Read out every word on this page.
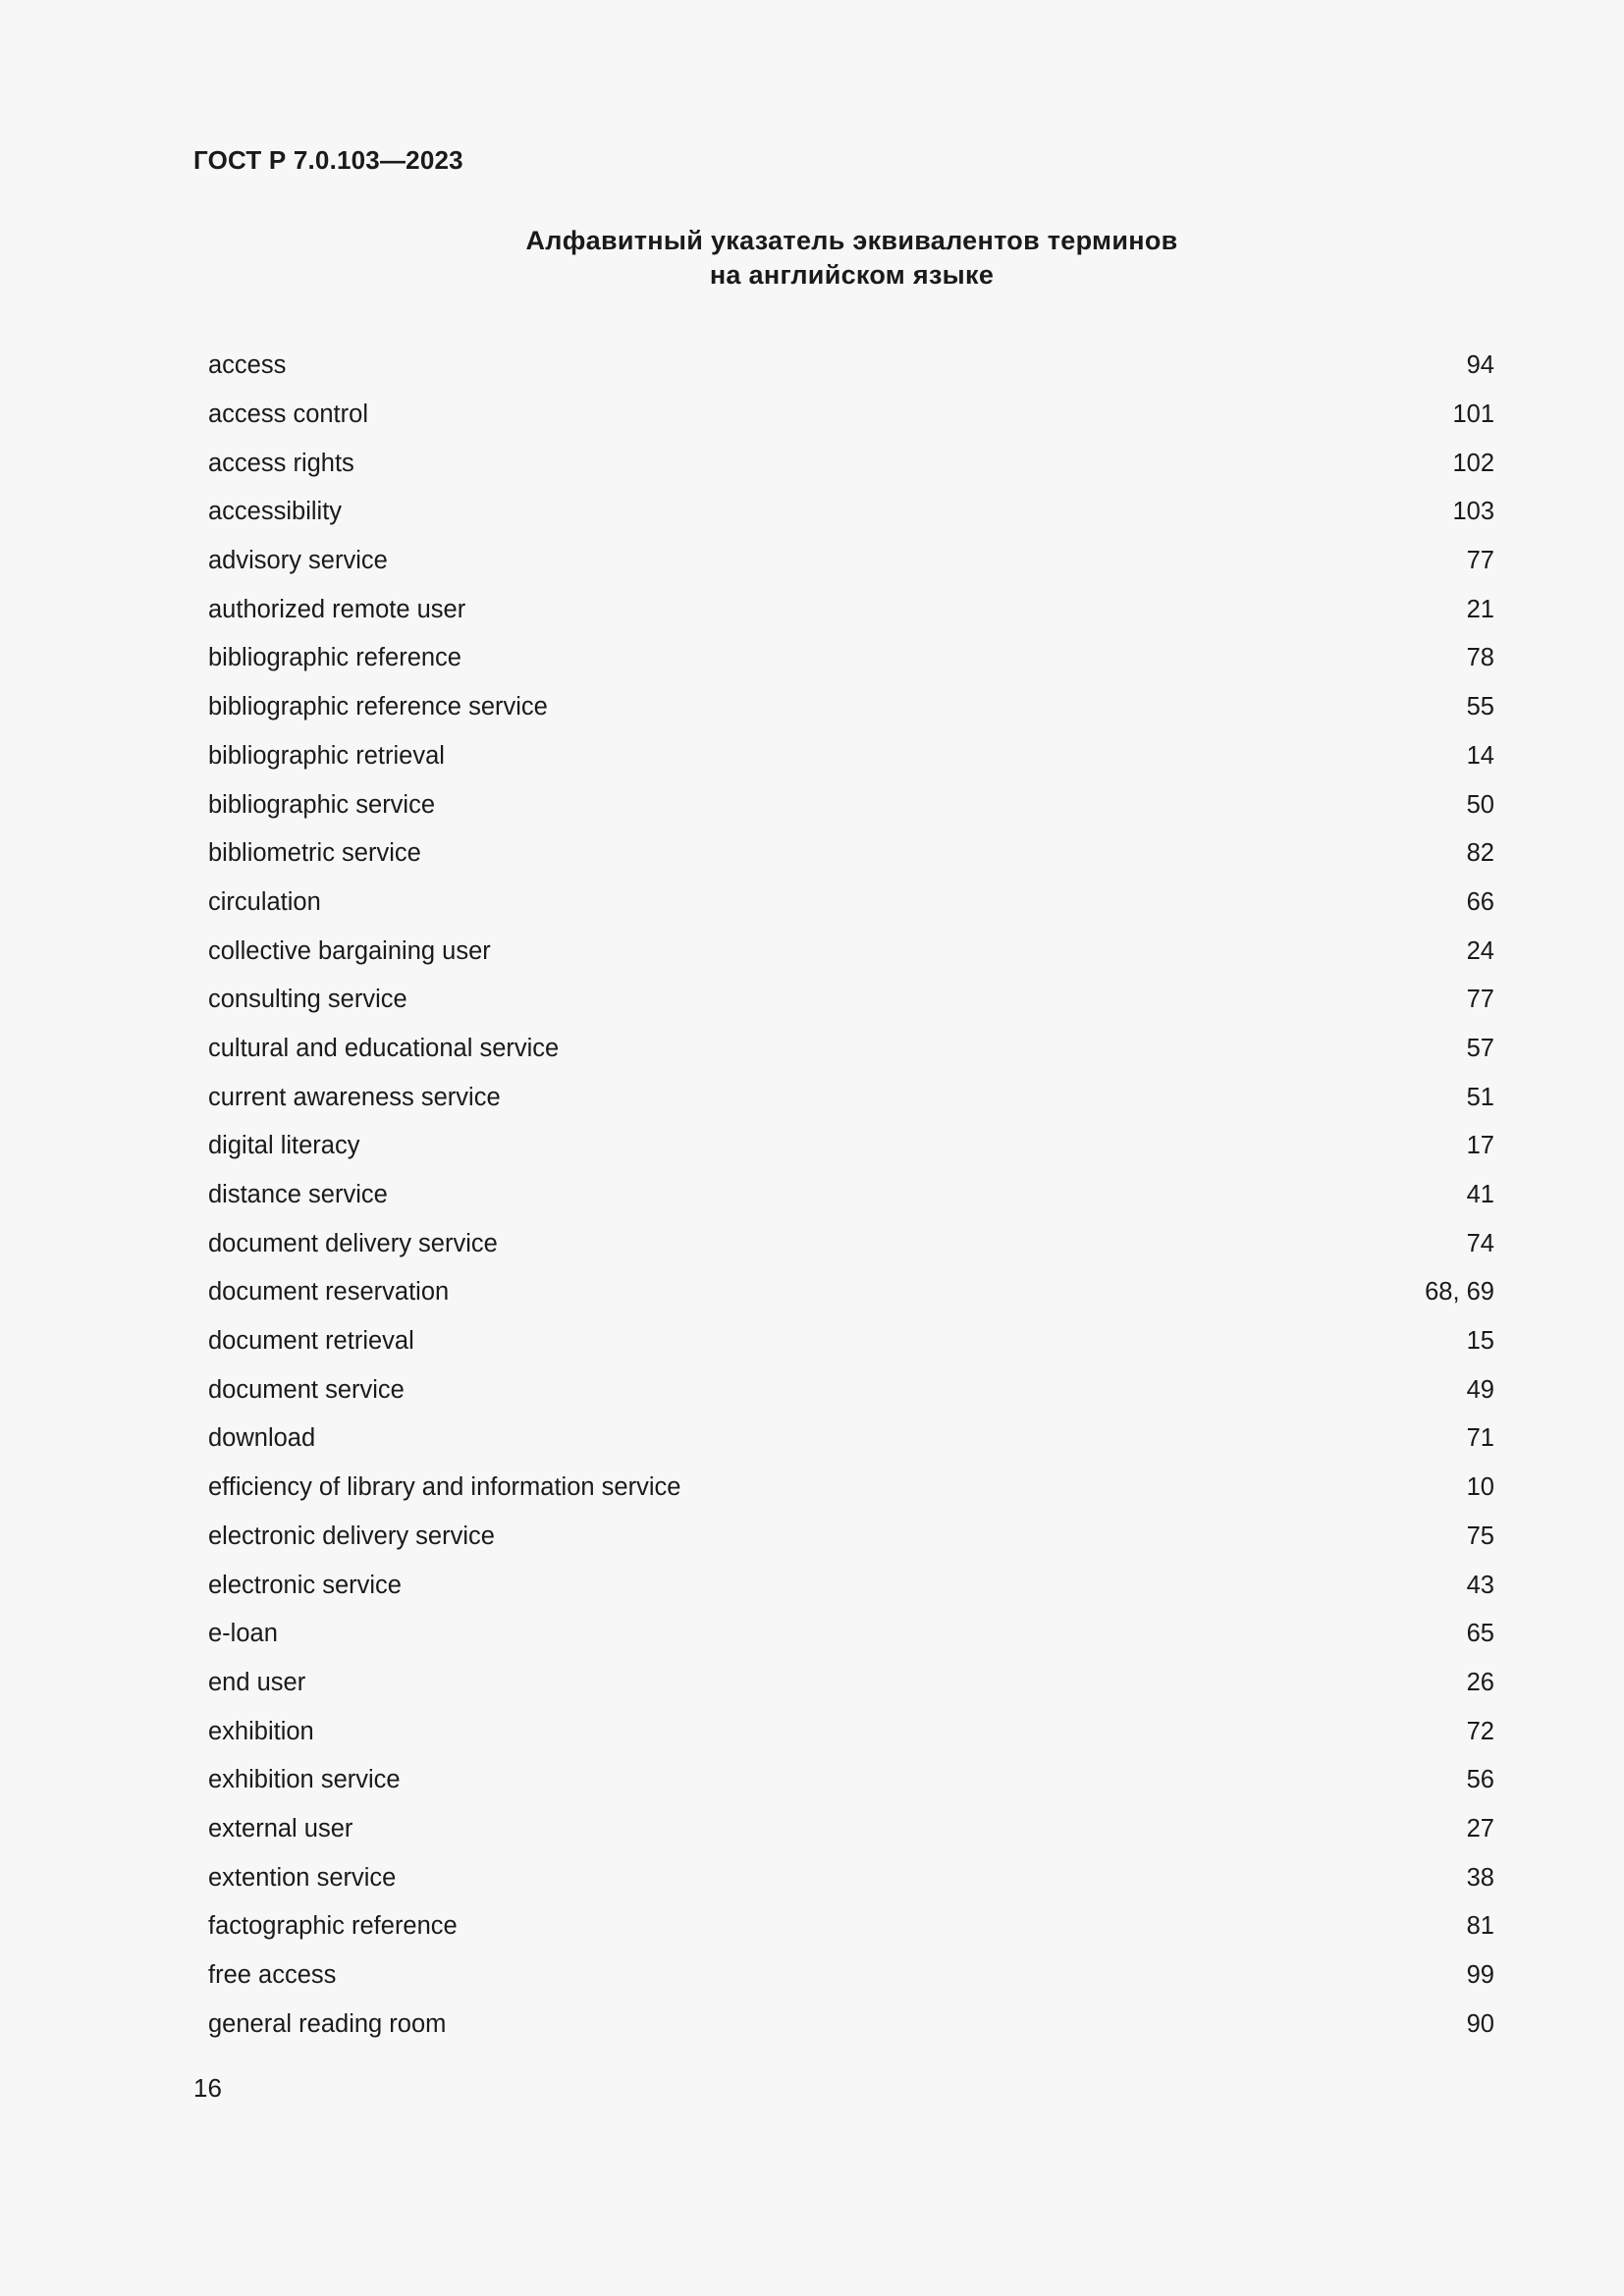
ГОСТ Р 7.0.103—2023
Алфавитный указатель эквивалентов терминов
на английском языке
access	94
access control	101
access rights	102
accessibility	103
advisory service	77
authorized remote user	21
bibliographic reference	78
bibliographic reference service	55
bibliographic retrieval	14
bibliographic service	50
bibliometric service	82
circulation	66
collective bargaining user	24
consulting service	77
cultural and educational service	57
current awareness service	51
digital literacy	17
distance service	41
document delivery service	74
document reservation	68, 69
document retrieval	15
document service	49
download	71
efficiency of library and information service	10
electronic delivery service	75
electronic service	43
e-loan	65
end user	26
exhibition	72
exhibition service	56
external user	27
extention service	38
factographic reference	81
free access	99
general reading room	90
16
